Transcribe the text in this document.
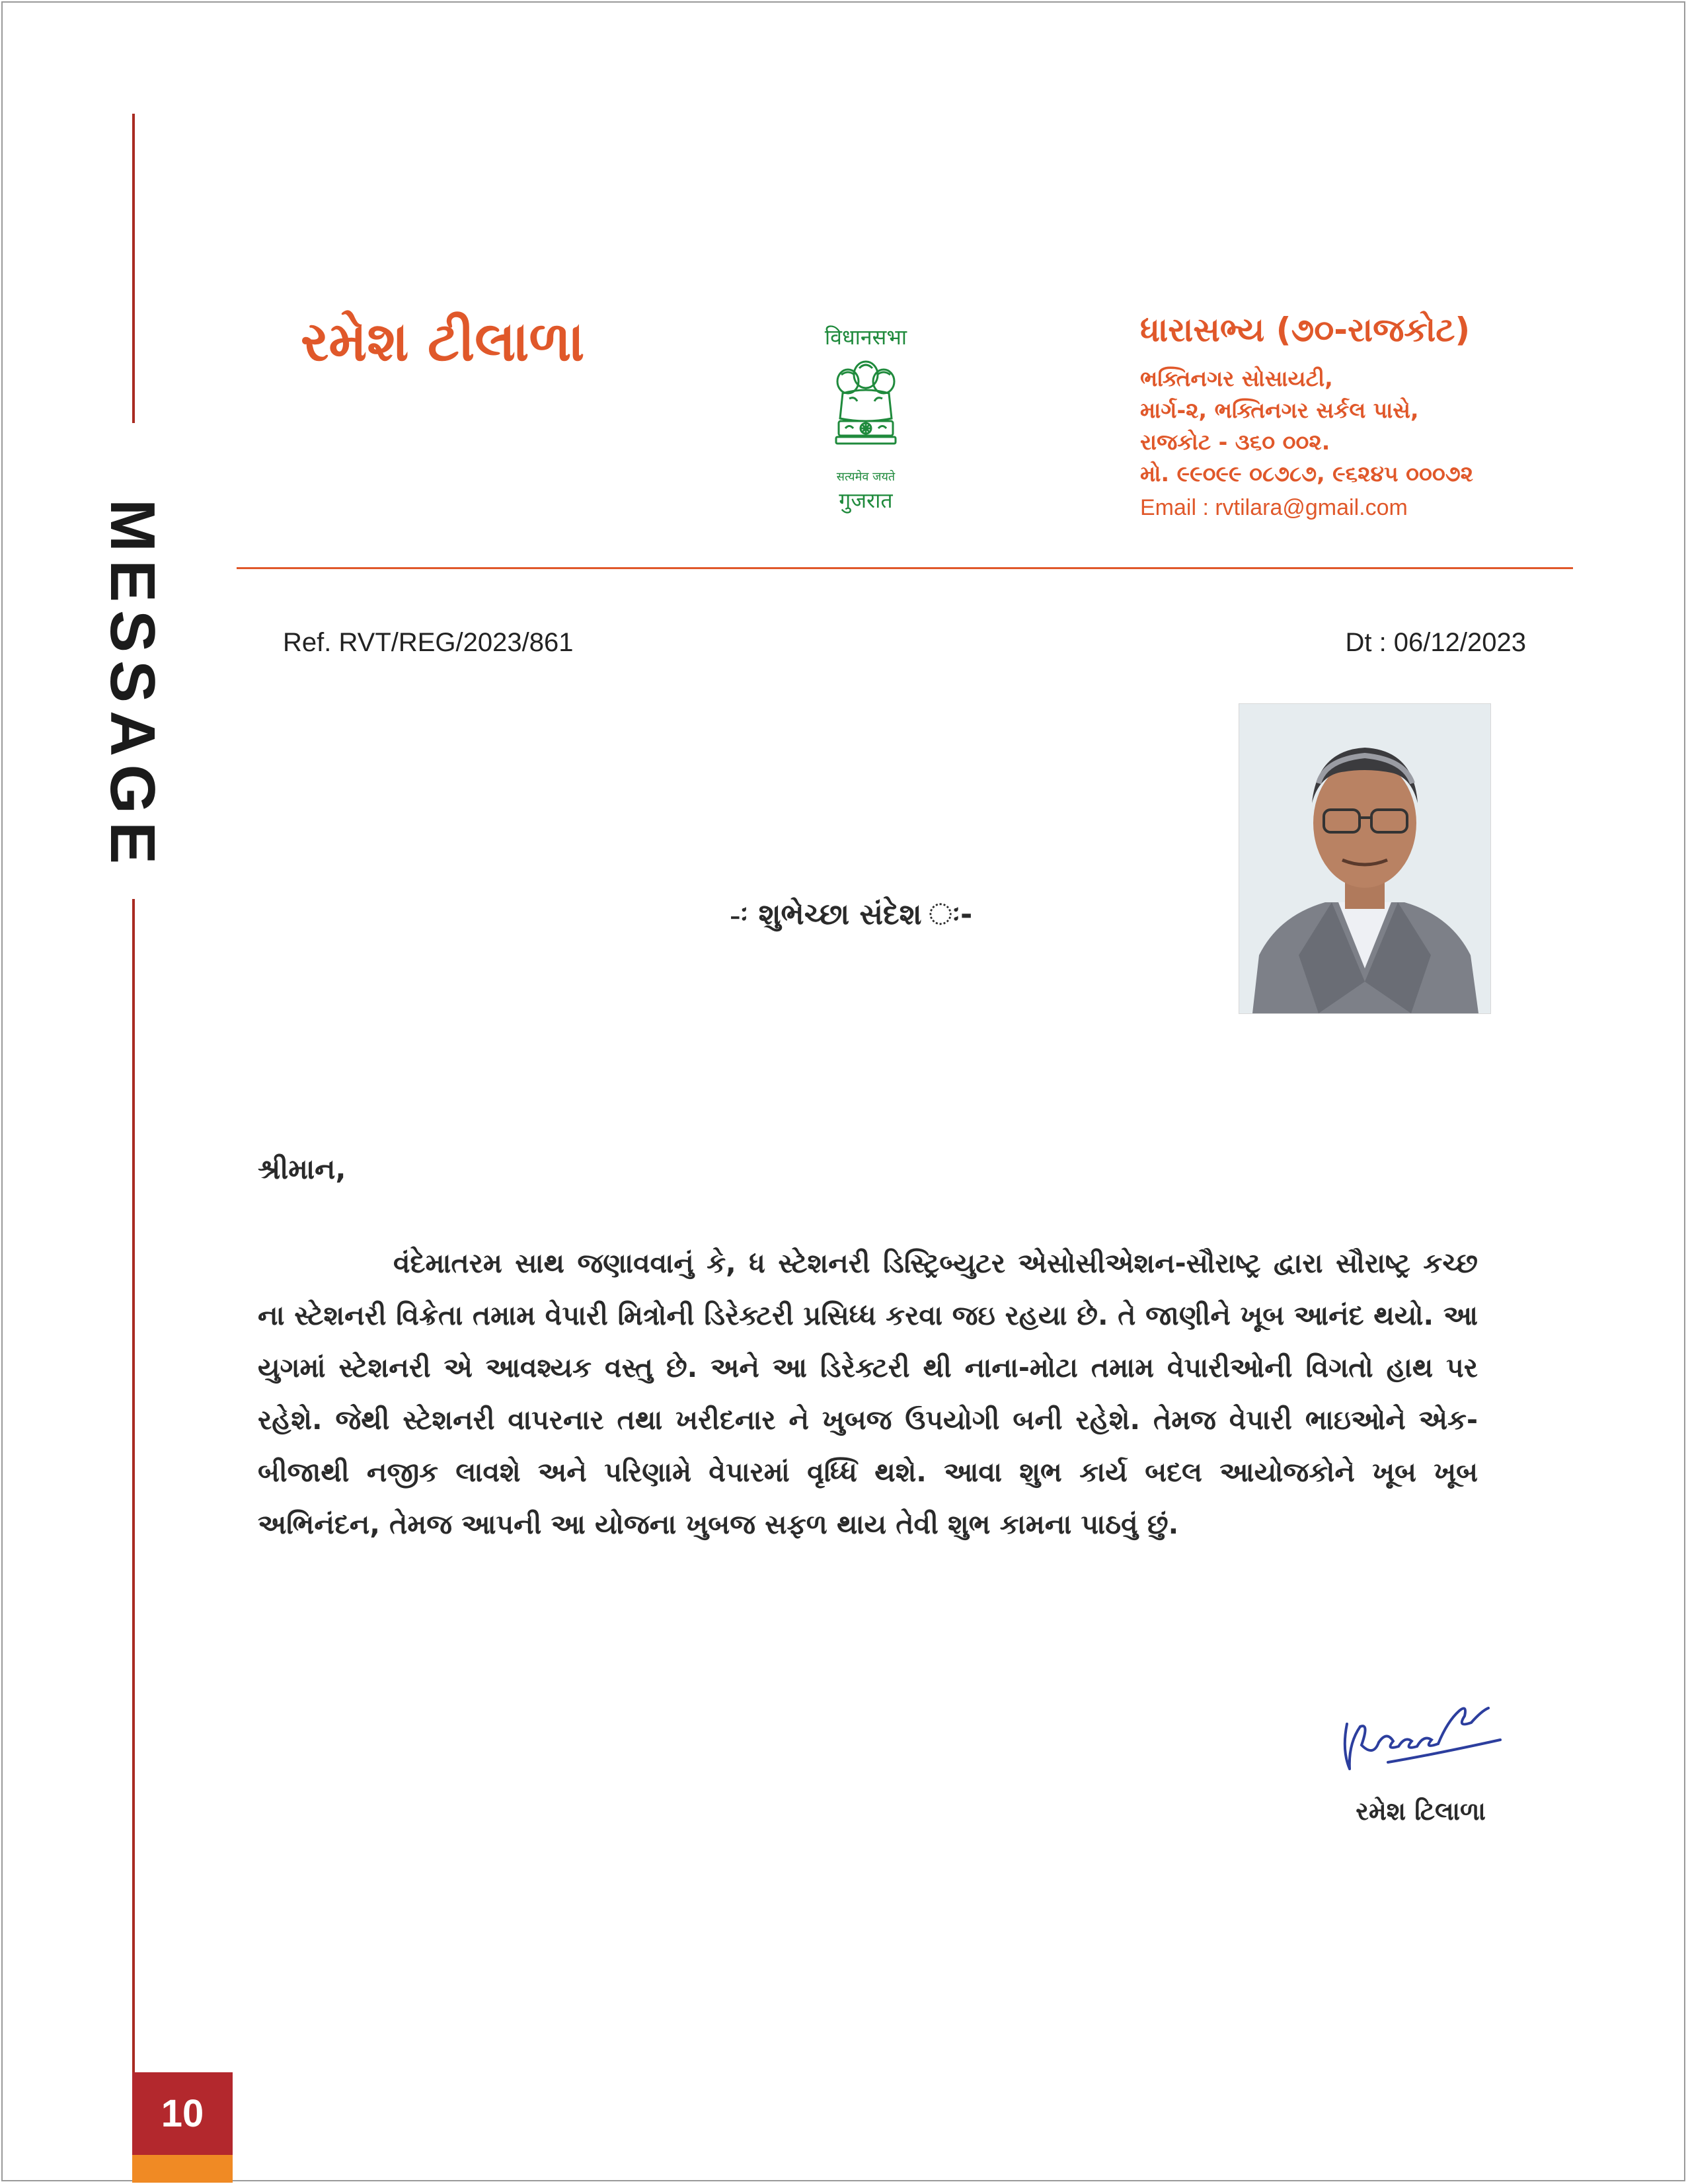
MESSAGE
10
રમેશ ટીલાળા	विधानसभा
सत्यमेव जयते
गुजरात
ધારાસભ્ય (૭૦-રાજકોટ)
ભક્તિનગર સોસાયટી,
માર્ગ-૨, ભક્તિનગર સર્કલ પાસે,
રાજકોટ - ૩૬૦ ૦૦૨.
મો. ૯૯૦૯૯ ૦૮૭૮૭, ૯૬૨૪૫ ૦૦૦૭૨
Email : rvtilara@gmail.com
Ref. RVT/REG/2023/861	Dt : 06/12/2023
-ઃ શુભેચ્છા સંદેશ ઃ-
શ્રીમાન,
વંદેમાતરમ સાથ જણાવવાનું કે, ધ સ્ટેશનરી ડિસ્ટ્રિબ્યુટર એસોસીએશન-સૌરાષ્ટ્ર દ્વારા સૌરાષ્ટ્ર કચ્છ ના સ્ટેશનરી વિક્રેતા તમામ વેપારી મિત્રોની ડિરેક્ટરી પ્રસિધ્ધ કરવા જઇ રહયા છે. તે જાણીને ખૂબ આનંદ થયો. આ યુગમાં સ્ટેશનરી એ આવશ્યક વસ્તુ છે. અને આ ડિરેક્ટરી થી નાના-મોટા તમામ વેપારીઓની વિગતો હાથ પર રહેશે. જેથી સ્ટેશનરી વાપરનાર તથા ખરીદનાર ને ખુબજ ઉપયોગી બની રહેશે. તેમજ વેપારી ભાઇઓને એક-બીજાથી નજીક લાવશે અને પરિણામે વેપારમાં વૃધ્ધિ થશે. આવા શુભ કાર્ય બદલ આયોજકોને ખૂબ ખૂબ અભિનંદન, તેમજ આપની આ યોજના ખુબજ સફળ થાય તેવી શુભ કામના પાઠવું છું.
રમેશ ટિલાળા
